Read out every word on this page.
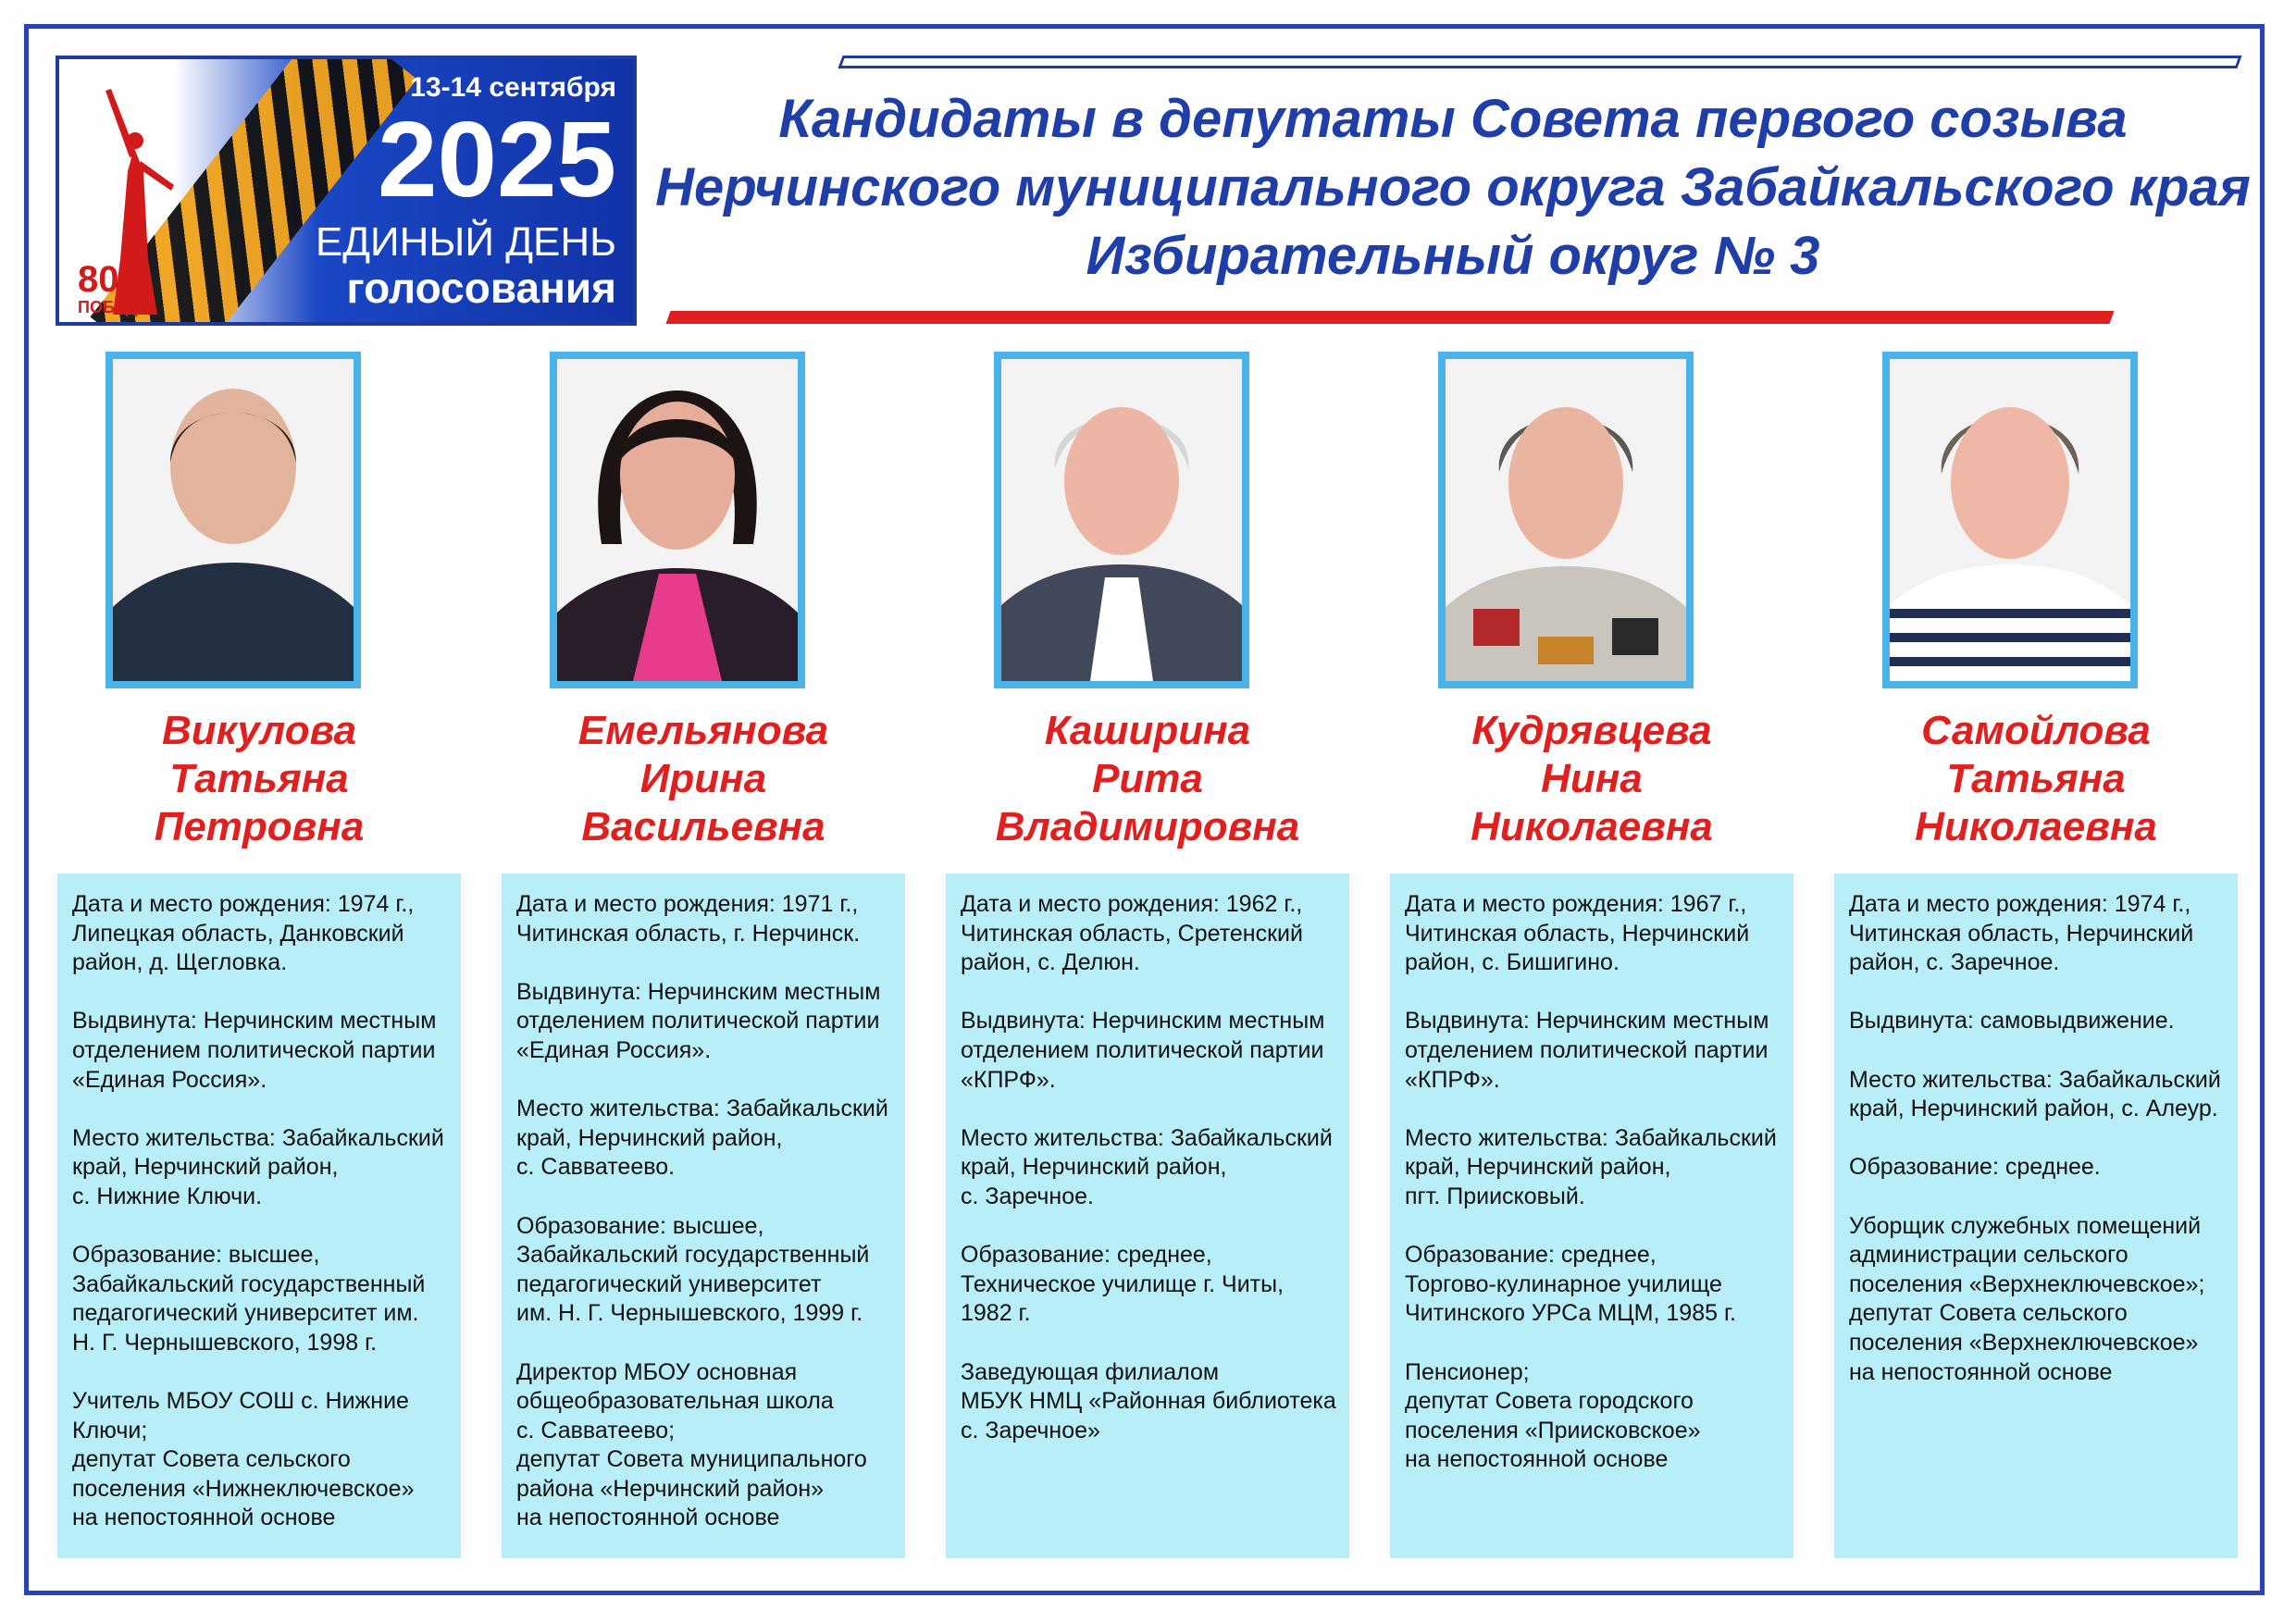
80
ПОБЕДА!
13-14 сентября
2025
ЕДИНЫЙ ДЕНЬ
голосования
Кандидаты в депутаты Совета первого созыва
Нерчинского муниципального округа Забайкальского края
Избирательный округ № 3
Викулова
Татьяна
Петровна
Дата и место рождения: 1974 г.,
Липецкая область, Данковский
район, д. Щегловка.
Выдвинута: Нерчинским местным
отделением политической партии
«Единая Россия».
Место жительства: Забайкальский
край, Нерчинский район,
с. Нижние Ключи.
Образование: высшее,
Забайкальский государственный
педагогический университет им.
Н. Г. Чернышевского, 1998 г.
Учитель МБОУ СОШ с. Нижние
Ключи;
депутат Совета сельского
поселения «Нижнеключевское»
на непостоянной основе
Емельянова
Ирина
Васильевна
Дата и место рождения: 1971 г.,
Читинская область, г. Нерчинск.
Выдвинута: Нерчинским местным
отделением политической партии
«Единая Россия».
Место жительства: Забайкальский
край, Нерчинский район,
с. Савватеево.
Образование: высшее,
Забайкальский государственный
педагогический университет
им. Н. Г. Чернышевского, 1999 г.
Директор МБОУ основная
общеобразовательная школа
с. Савватеево;
депутат Совета муниципального
района «Нерчинский район»
на непостоянной основе
Каширина
Рита
Владимировна
Дата и место рождения: 1962 г.,
Читинская область, Сретенский
район, с. Делюн.
Выдвинута: Нерчинским местным
отделением политической партии
«КПРФ».
Место жительства: Забайкальский
край, Нерчинский район,
с. Заречное.
Образование: среднее,
Техническое училище г. Читы,
1982 г.
Заведующая филиалом
МБУК НМЦ «Районная библиотека
с. Заречное»
Кудрявцева
Нина
Николаевна
Дата и место рождения: 1967 г.,
Читинская область, Нерчинский
район, с. Бишигино.
Выдвинута: Нерчинским местным
отделением политической партии
«КПРФ».
Место жительства: Забайкальский
край, Нерчинский район,
пгт. Приисковый.
Образование: среднее,
Торгово-кулинарное училище
Читинского УРСа МЦМ, 1985 г.
Пенсионер;
депутат Совета городского
поселения «Приисковское»
на непостоянной основе
Самойлова
Татьяна
Николаевна
Дата и место рождения: 1974 г.,
Читинская область, Нерчинский
район, с. Заречное.
Выдвинута: самовыдвижение.
Место жительства: Забайкальский
край, Нерчинский район, с. Алеур.
Образование: среднее.
Уборщик служебных помещений
администрации сельского
поселения «Верхнеключевское»;
депутат Совета сельского
поселения «Верхнеключевское»
на непостоянной основе
